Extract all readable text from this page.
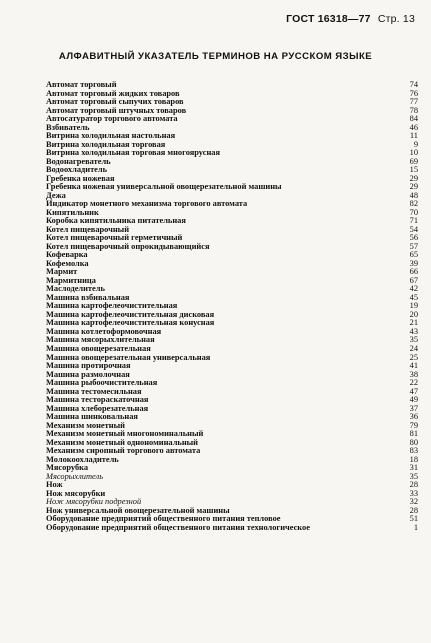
ГОСТ 16318—77 Стр. 13
АЛФАВИТНЫЙ УКАЗАТЕЛЬ ТЕРМИНОВ НА РУССКОМ ЯЗЫКЕ
Автомат торговый	74
Автомат торговый жидких товаров	76
Автомат торговый сыпучих товаров	77
Автомат торговый штучных товаров	78
Автосатуратор торгового автомата	84
Взбиватель	46
Витрина холодильная настольная	11
Витрина холодильная торговая	9
Витрина холодильная торговая многоярусная	10
Водонагреватель	69
Водоохладитель	15
Гребенка ножевая	29
Гребенка ножевая универсальной овощерезательной машины	29
Дежа	48
Индикатор монетного механизма торгового автомата	82
Кипятильник	70
Коробка кипятильника питательная	71
Котел пищеварочный	54
Котел пищеварочный герметичный	56
Котел пищеварочный опрокидывающийся	57
Кофеварка	65
Кофемолка	39
Мармит	66
Мармитница	67
Маслоделитель	42
Машина взбивальная	45
Машина картофелеочистительная	19
Машина картофелеочистительная дисковая	20
Машина картофелеочистительная конусная	21
Машина котлетоформовочная	43
Машина мясорыхлительная	35
Машина овощерезательная	24
Машина овощерезательная универсальная	25
Машина протирочная	41
Машина размолочная	38
Машина рыбоочистительная	22
Машина тестомесильная	47
Машина тестораскаточная	49
Машина хлеборезательная	37
Машина шинковальная	36
Механизм монетный	79
Механизм монетный многономинальный	81
Механизм монетный однономинальный	80
Механизм сиропный торгового автомата	83
Молокоохладитель	18
Мясорубка	31
Мясорыхлитель	35
Нож	28
Нож мясорубки	33
Нож мясорубки подрезной	32
Нож универсальной овощерезательной машины	28
Оборудование предприятий общественного питания тепловое	51
Оборудование предприятий общественного питания технологическое	1
